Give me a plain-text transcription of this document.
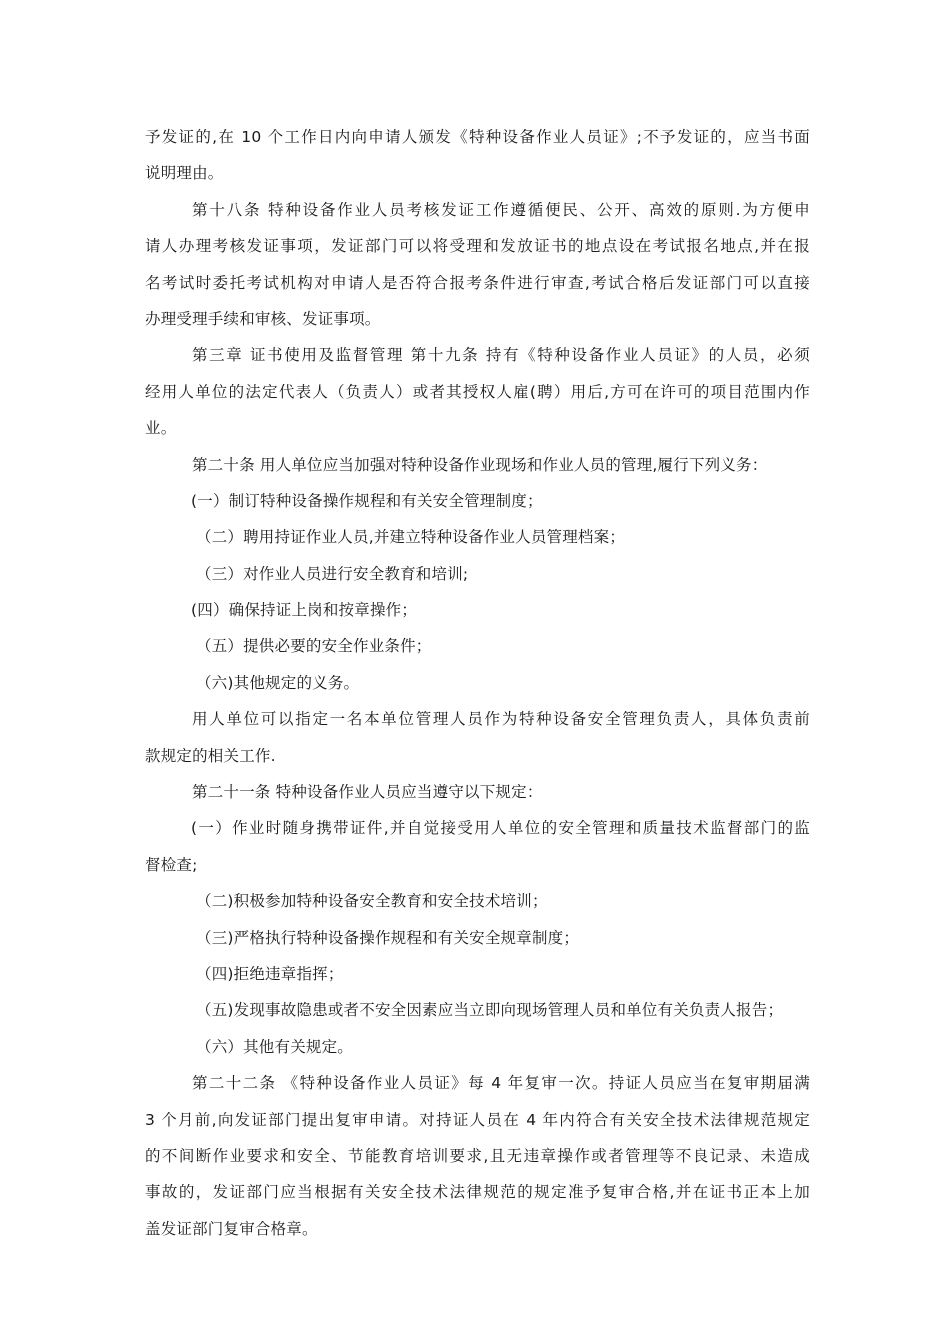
予发证的,在 10 个工作日内向申请人颁发《特种设备作业人员证》;不予发证的，应当书面
说明理由。
第十八条 特种设备作业人员考核发证工作遵循便民、公开、高效的原则.为方便申
请人办理考核发证事项，发证部门可以将受理和发放证书的地点设在考试报名地点,并在报
名考试时委托考试机构对申请人是否符合报考条件进行审查,考试合格后发证部门可以直接
办理受理手续和审核、发证事项。
第三章 证书使用及监督管理 第十九条 持有《特种设备作业人员证》的人员，必须
经用人单位的法定代表人（负责人）或者其授权人雇(聘）用后,方可在许可的项目范围内作
业。
第二十条 用人单位应当加强对特种设备作业现场和作业人员的管理,履行下列义务：
(一）制订特种设备操作规程和有关安全管理制度；
（二）聘用持证作业人员,并建立特种设备作业人员管理档案；
（三）对作业人员进行安全教育和培训;
(四）确保持证上岗和按章操作；
（五）提供必要的安全作业条件；
（六)其他规定的义务。
用人单位可以指定一名本单位管理人员作为特种设备安全管理负责人，具体负责前
款规定的相关工作.
第二十一条 特种设备作业人员应当遵守以下规定：
(一）作业时随身携带证件,并自觉接受用人单位的安全管理和质量技术监督部门的监
督检查;
（二)积极参加特种设备安全教育和安全技术培训；
（三)严格执行特种设备操作规程和有关安全规章制度；
（四)拒绝违章指挥；
（五)发现事故隐患或者不安全因素应当立即向现场管理人员和单位有关负责人报告；
（六）其他有关规定。
第二十二条 《特种设备作业人员证》每 4 年复审一次。持证人员应当在复审期届满
3 个月前,向发证部门提出复审申请。对持证人员在 4 年内符合有关安全技术法律规范规定
的不间断作业要求和安全、节能教育培训要求,且无违章操作或者管理等不良记录、未造成
事故的，发证部门应当根据有关安全技术法律规范的规定准予复审合格,并在证书正本上加
盖发证部门复审合格章。
